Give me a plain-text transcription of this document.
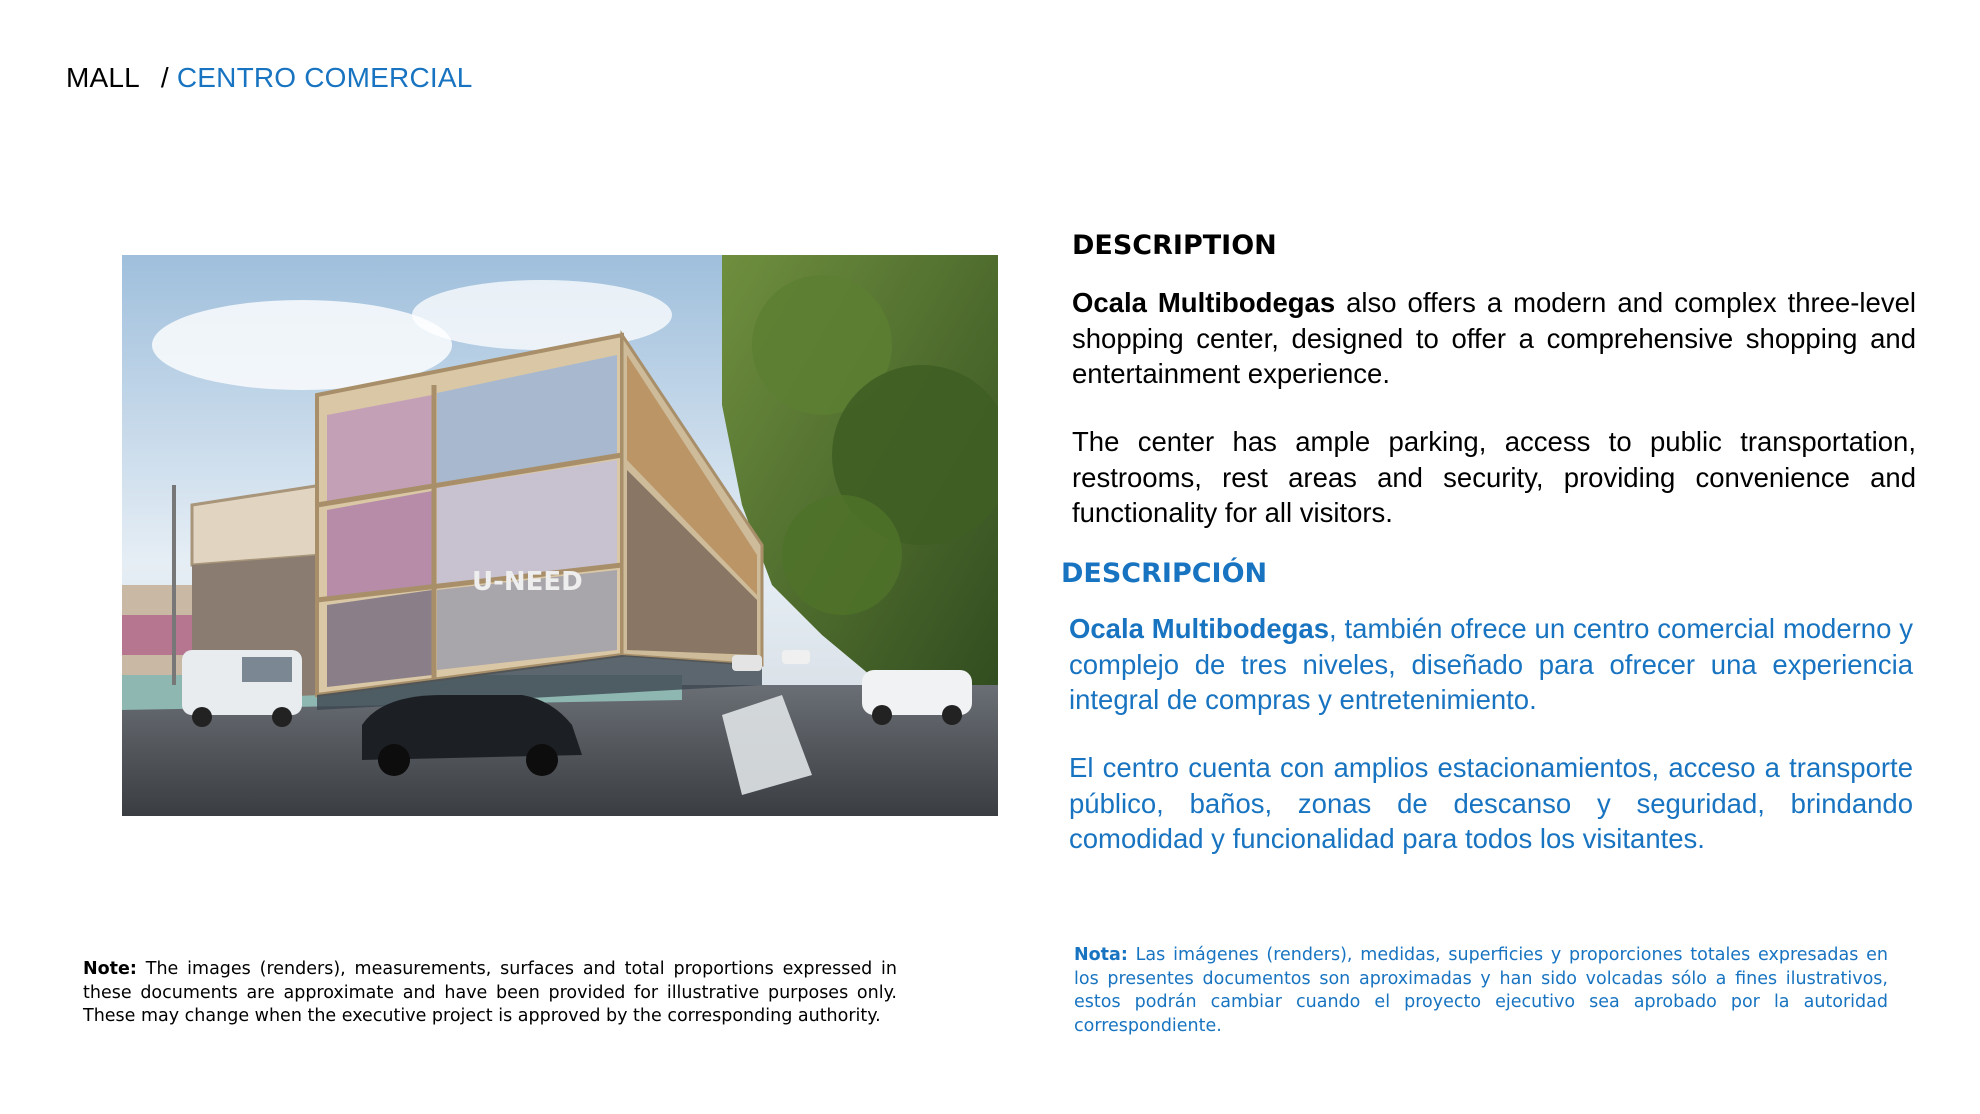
MALL / CENTRO COMERCIAL
U-NEED
DESCRIPTION
Ocala Multibodegas also offers a modern and complex three-level shopping center, designed to offer a comprehensive shopping and entertainment experience.
The center has ample parking, access to public transportation, restrooms, rest areas and security, providing convenience and functionality for all visitors.
DESCRIPCIÓN
Ocala Multibodegas, también ofrece un centro comercial moderno y complejo de tres niveles, diseñado para ofrecer una experiencia integral de compras y entretenimiento.
El centro cuenta con amplios estacionamientos, acceso a transporte público, baños, zonas de descanso y seguridad, brindando comodidad y funcionalidad para todos los visitantes.
Note: The images (renders), measurements, surfaces and total proportions expressed in these documents are approximate and have been provided for illustrative purposes only. These may change when the executive project is approved by the corresponding authority.
Nota: Las imágenes (renders), medidas, superficies y proporciones totales expresadas en los presentes documentos son aproximadas y han sido volcadas sólo a fines ilustrativos, estos podrán cambiar cuando el proyecto ejecutivo sea aprobado por la autoridad correspondiente.
